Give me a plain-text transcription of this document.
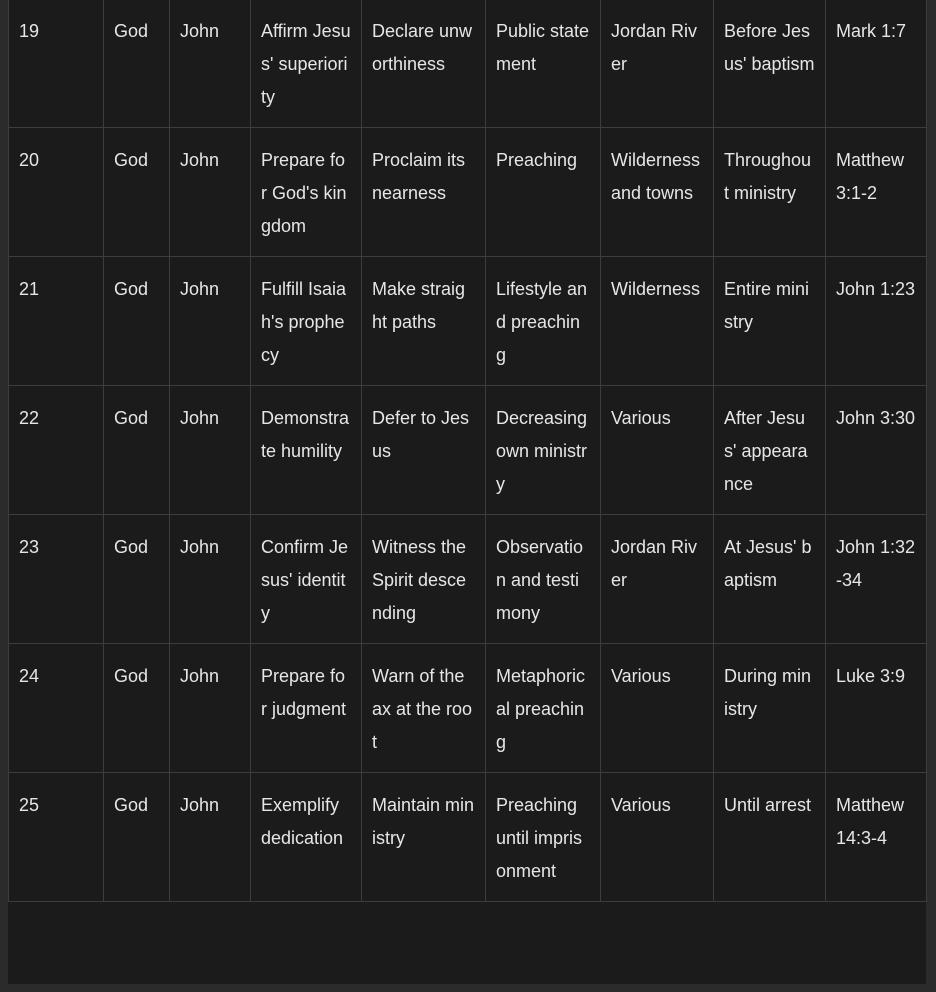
19	God	John	Affirm Jesus' superiority	Declare unworthiness	Public statement	Jordan River	Before Jesus' baptism	Mark 1:7
20	God	John	Prepare for God's kingdom	Proclaim its nearness	Preaching	Wilderness and towns	Throughout ministry	Matthew 3:1-2
21	God	John	Fulfill Isaiah's prophecy	Make straight paths	Lifestyle and preaching	Wilderness	Entire ministry	John 1:23
22	God	John	Demonstrate humility	Defer to Jesus	Decreasing own ministry	Various	After Jesus' appearance	John 3:30
23	God	John	Confirm Jesus' identity	Witness the Spirit descending	Observation and testimony	Jordan River	At Jesus' baptism	John 1:32-34
24	God	John	Prepare for judgment	Warn of the ax at the root	Metaphorical preaching	Various	During ministry	Luke 3:9
25	God	John	Exemplify dedication	Maintain ministry	Preaching until imprisonment	Various	Until arrest	Matthew 14:3-4
